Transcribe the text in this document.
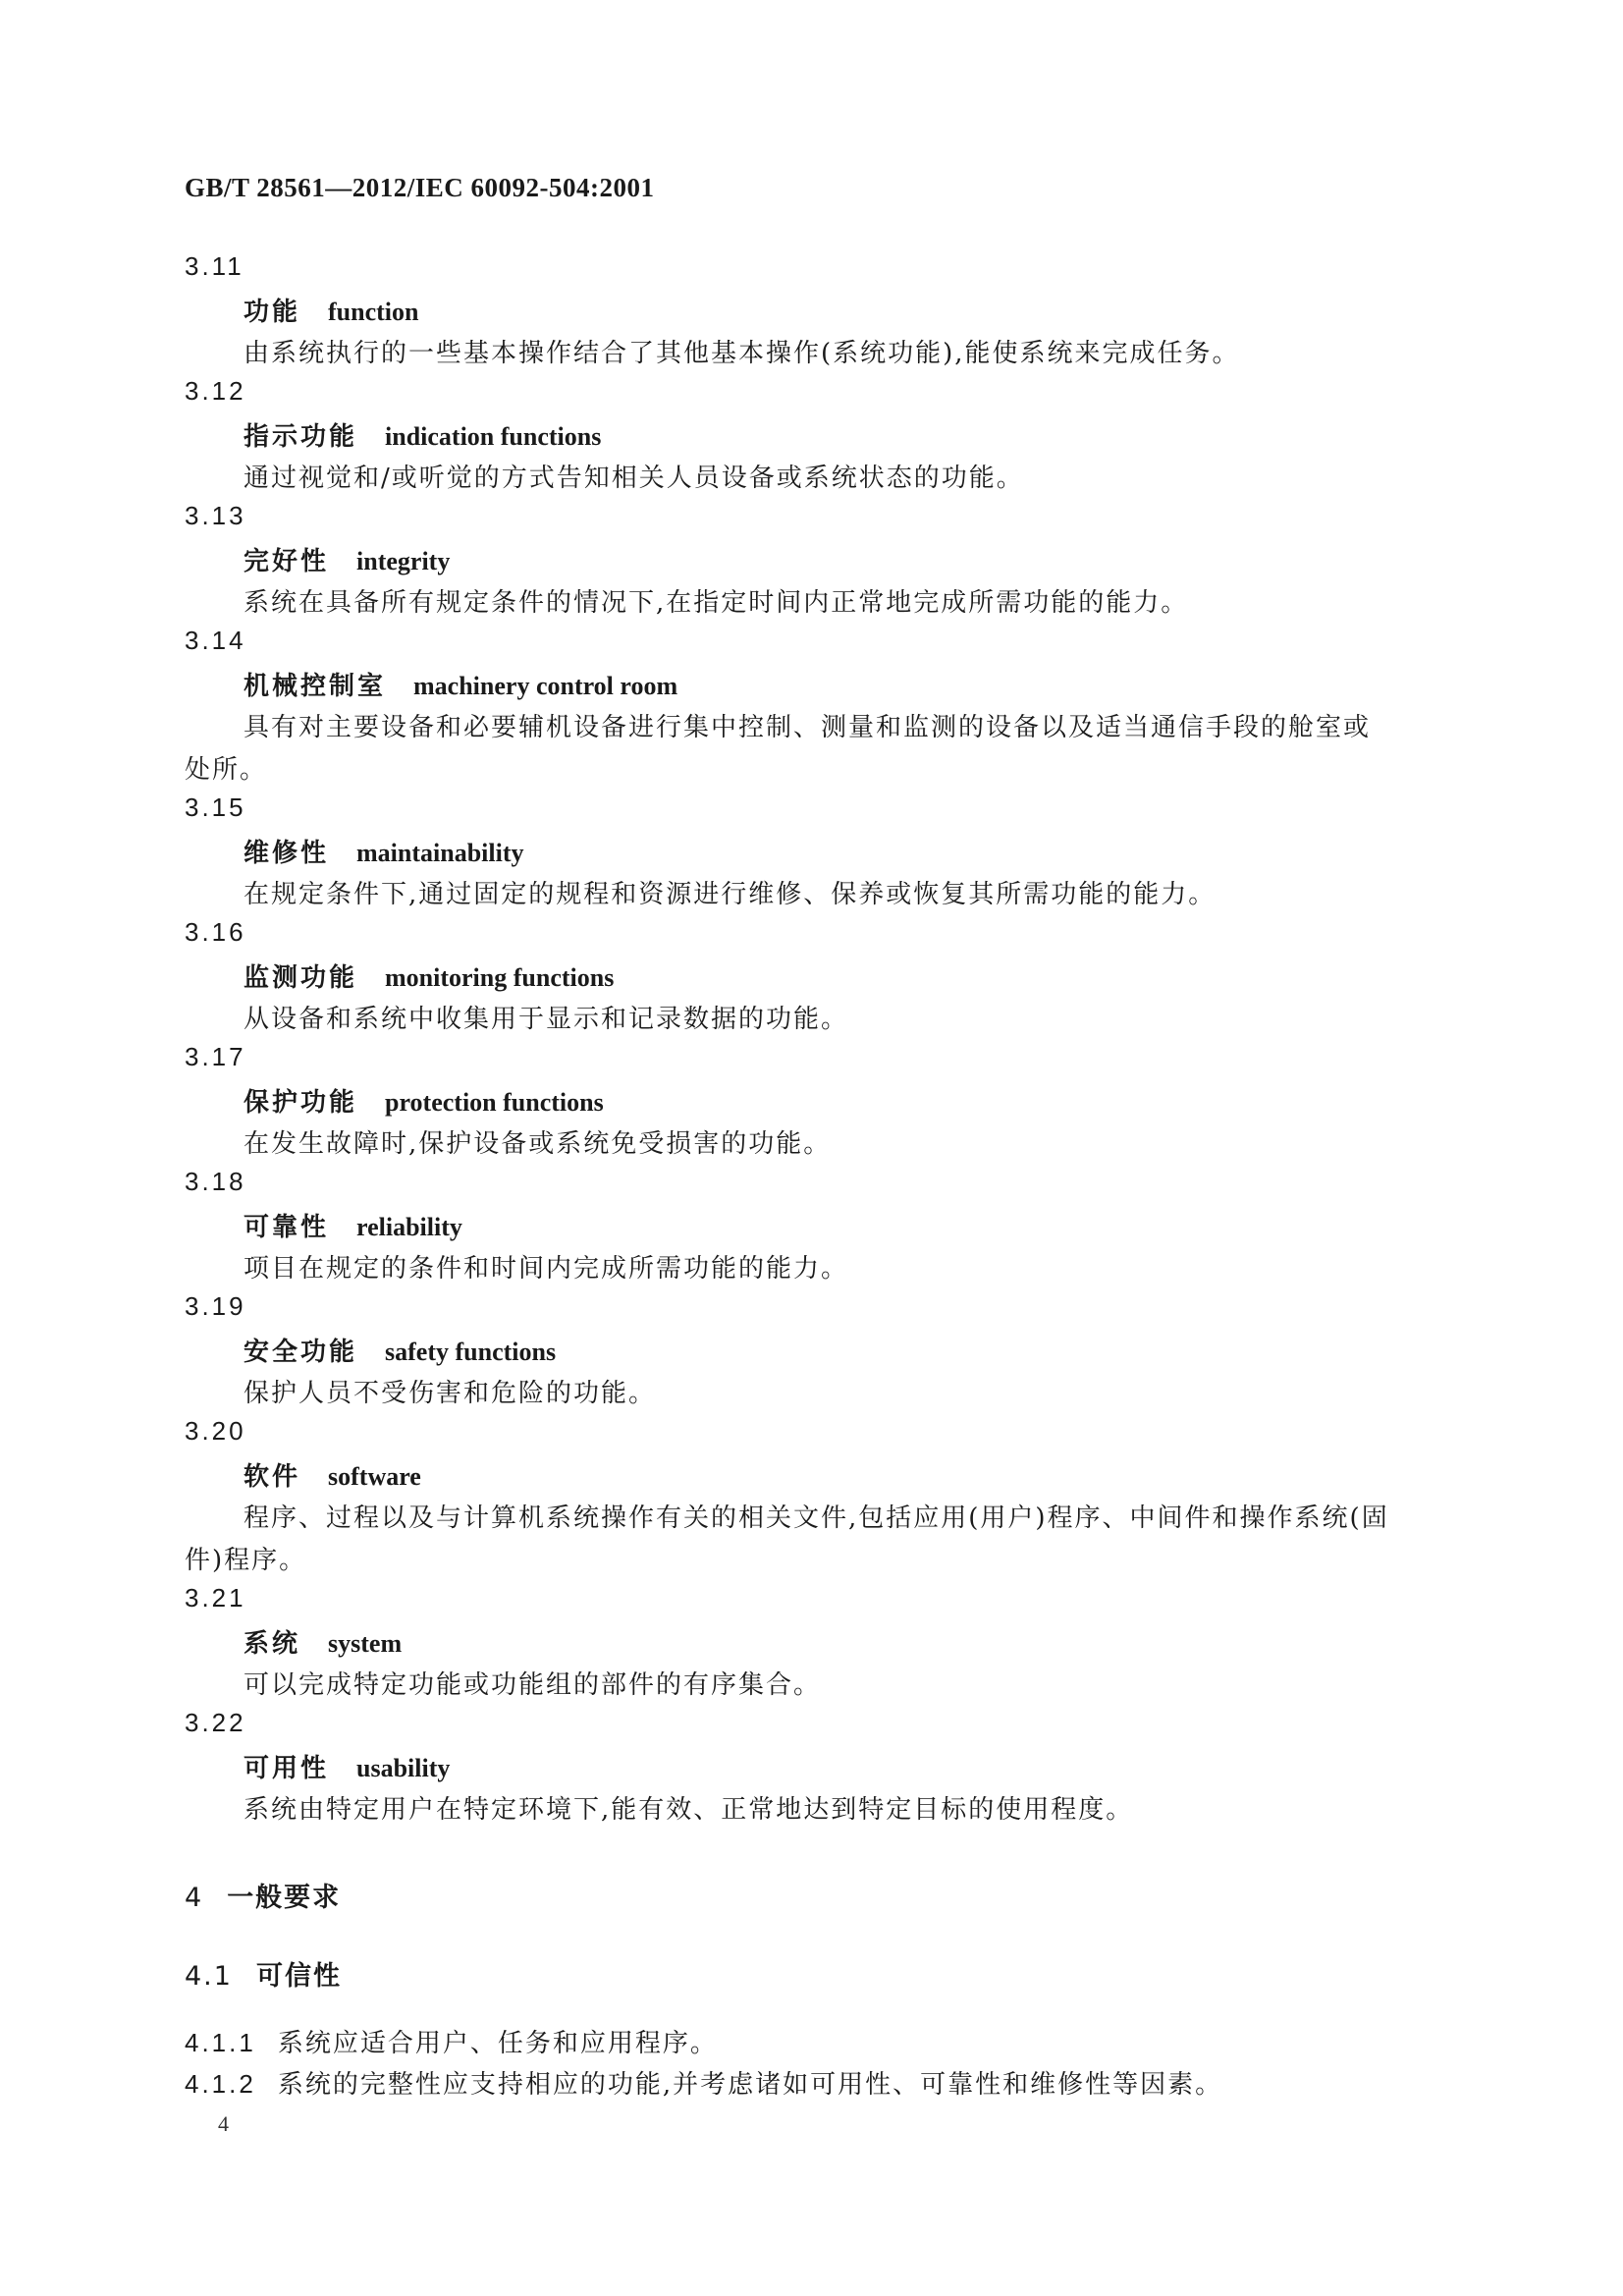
GB/T 28561—2012/IEC 60092-504:2001
3.11
功能 function
由系统执行的一些基本操作结合了其他基本操作(系统功能),能使系统来完成任务。
3.12
指示功能 indication functions
通过视觉和/或听觉的方式告知相关人员设备或系统状态的功能。
3.13
完好性 integrity
系统在具备所有规定条件的情况下,在指定时间内正常地完成所需功能的能力。
3.14
机械控制室 machinery control room
具有对主要设备和必要辅机设备进行集中控制、测量和监测的设备以及适当通信手段的舱室或
处所。
3.15
维修性 maintainability
在规定条件下,通过固定的规程和资源进行维修、保养或恢复其所需功能的能力。
3.16
监测功能 monitoring functions
从设备和系统中收集用于显示和记录数据的功能。
3.17
保护功能 protection functions
在发生故障时,保护设备或系统免受损害的功能。
3.18
可靠性 reliability
项目在规定的条件和时间内完成所需功能的能力。
3.19
安全功能 safety functions
保护人员不受伤害和危险的功能。
3.20
软件 software
程序、过程以及与计算机系统操作有关的相关文件,包括应用(用户)程序、中间件和操作系统(固
件)程序。
3.21
系统 system
可以完成特定功能或功能组的部件的有序集合。
3.22
可用性 usability
系统由特定用户在特定环境下,能有效、正常地达到特定目标的使用程度。
4 一般要求
4.1 可信性
4.1.1 系统应适合用户、任务和应用程序。
4.1.2 系统的完整性应支持相应的功能,并考虑诸如可用性、可靠性和维修性等因素。
4
